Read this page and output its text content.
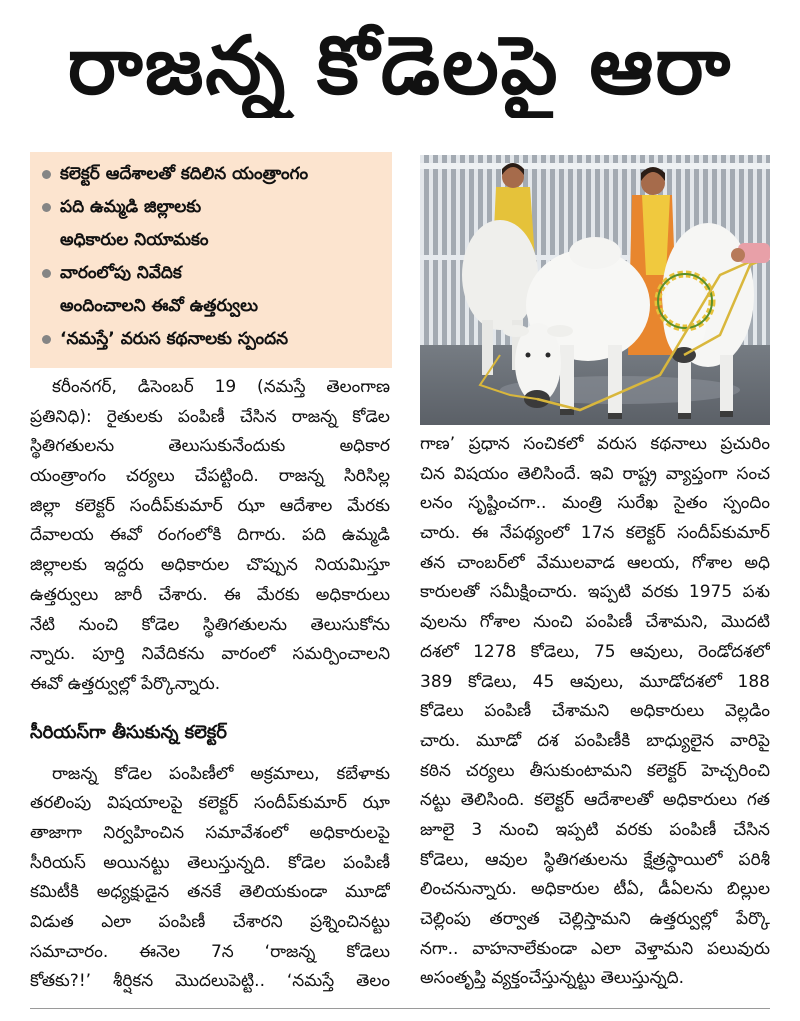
రాజన్న కోడెలపై ఆరా
కలెక్టర్ ఆదేశాలతో కదిలిన యంత్రాంగం
పది ఉమ్మడి జిల్లాలకు
అధికారుల నియామకం
వారంలోపు నివేదిక
అందించాలని ఈవో ఉత్తర్వులు
‘నమస్తే’ వరుస కథనాలకు స్పందన
కరీంనగర్, డిసెంబర్ 19 (నమస్తే తెలంగాణ
ప్రతినిధి): రైతులకు పంపిణీ చేసిన రాజన్న కోడెల
స్థితిగతులను తెలుసుకునేందుకు అధికార
యంత్రాంగం చర్యలు చేపట్టింది. రాజన్న సిరిసిల్ల
జిల్లా కలెక్టర్ సందీప్‌కుమార్ ఝా ఆదేశాల మేరకు
దేవాలయ ఈవో రంగంలోకి దిగారు. పది ఉమ్మడి
జిల్లాలకు ఇద్దరు అధికారుల చొప్పున నియమిస్తూ
ఉత్తర్వులు జారీ చేశారు. ఈ మేరకు అధికారులు
నేటి నుంచి కోడెల స్థితిగతులను తెలుసుకోను
న్నారు. పూర్తి నివేదికను వారంలో సమర్పించాలని
ఈవో ఉత్తర్వుల్లో పేర్కొన్నారు.
సీరియస్‌గా తీసుకున్న కలెక్టర్
రాజన్న కోడెల పంపిణీలో అక్రమాలు, కబేళాకు
తరలింపు విషయాలపై కలెక్టర్ సందీప్‌కుమార్ ఝా
తాజాగా నిర్వహించిన సమావేశంలో అధికారులపై
సీరియస్ అయినట్టు తెలుస్తున్నది. కోడెల పంపిణీ
కమిటీకి అధ్యక్షుడైన తనకే తెలియకుండా మూడో
విడుత ఎలా పంపిణీ చేశారని ప్రశ్నించినట్టు
సమాచారం. ఈనెల 7న ‘రాజన్న కోడెలు
కోతకు?!’ శీర్షికన మొదలుపెట్టి.. ‘నమస్తే తెలం
గాణ’ ప్రధాన సంచికలో వరుస కథనాలు ప్రచురిం
చిన విషయం తెలిసిందే. ఇవి రాష్ట్ర వ్యాప్తంగా సంచ
లనం సృష్టించగా.. మంత్రి సురేఖ సైతం స్పందిం
చారు. ఈ నేపథ్యంలో 17న కలెక్టర్ సందీప్‌కుమార్
తన చాంబర్‌లో వేములవాడ ఆలయ, గోశాల అధి
కారులతో సమీక్షించారు. ఇప్పటి వరకు 1975 పశు
వులను గోశాల నుంచి పంపిణీ చేశామని, మొదటి
దశలో 1278 కోడెలు, 75 ఆవులు, రెండోదశలో
389 కోడెలు, 45 ఆవులు, మూడోదశలో 188
కోడెలు పంపిణీ చేశామని అధికారులు వెల్లడిం
చారు. మూడో దశ పంపిణీకి బాధ్యులైన వారిపై
కఠిన చర్యలు తీసుకుంటామని కలెక్టర్ హెచ్చరించి
నట్టు తెలిసింది. కలెక్టర్ ఆదేశాలతో అధికారులు గత
జూలై 3 నుంచి ఇప్పటి వరకు పంపిణీ చేసిన
కోడెలు, ఆవుల స్థితిగతులను క్షేత్రస్థాయిలో పరిశీ
లించనున్నారు. అధికారుల టీఏ, డీఏలను బిల్లుల
చెల్లింపు తర్వాత చెల్లిస్తామని ఉత్తర్వుల్లో పేర్కొ
నగా.. వాహనాలేకుండా ఎలా వెళ్తామని పలువురు
అసంతృప్తి వ్యక్తంచేస్తున్నట్టు తెలుస్తున్నది.
